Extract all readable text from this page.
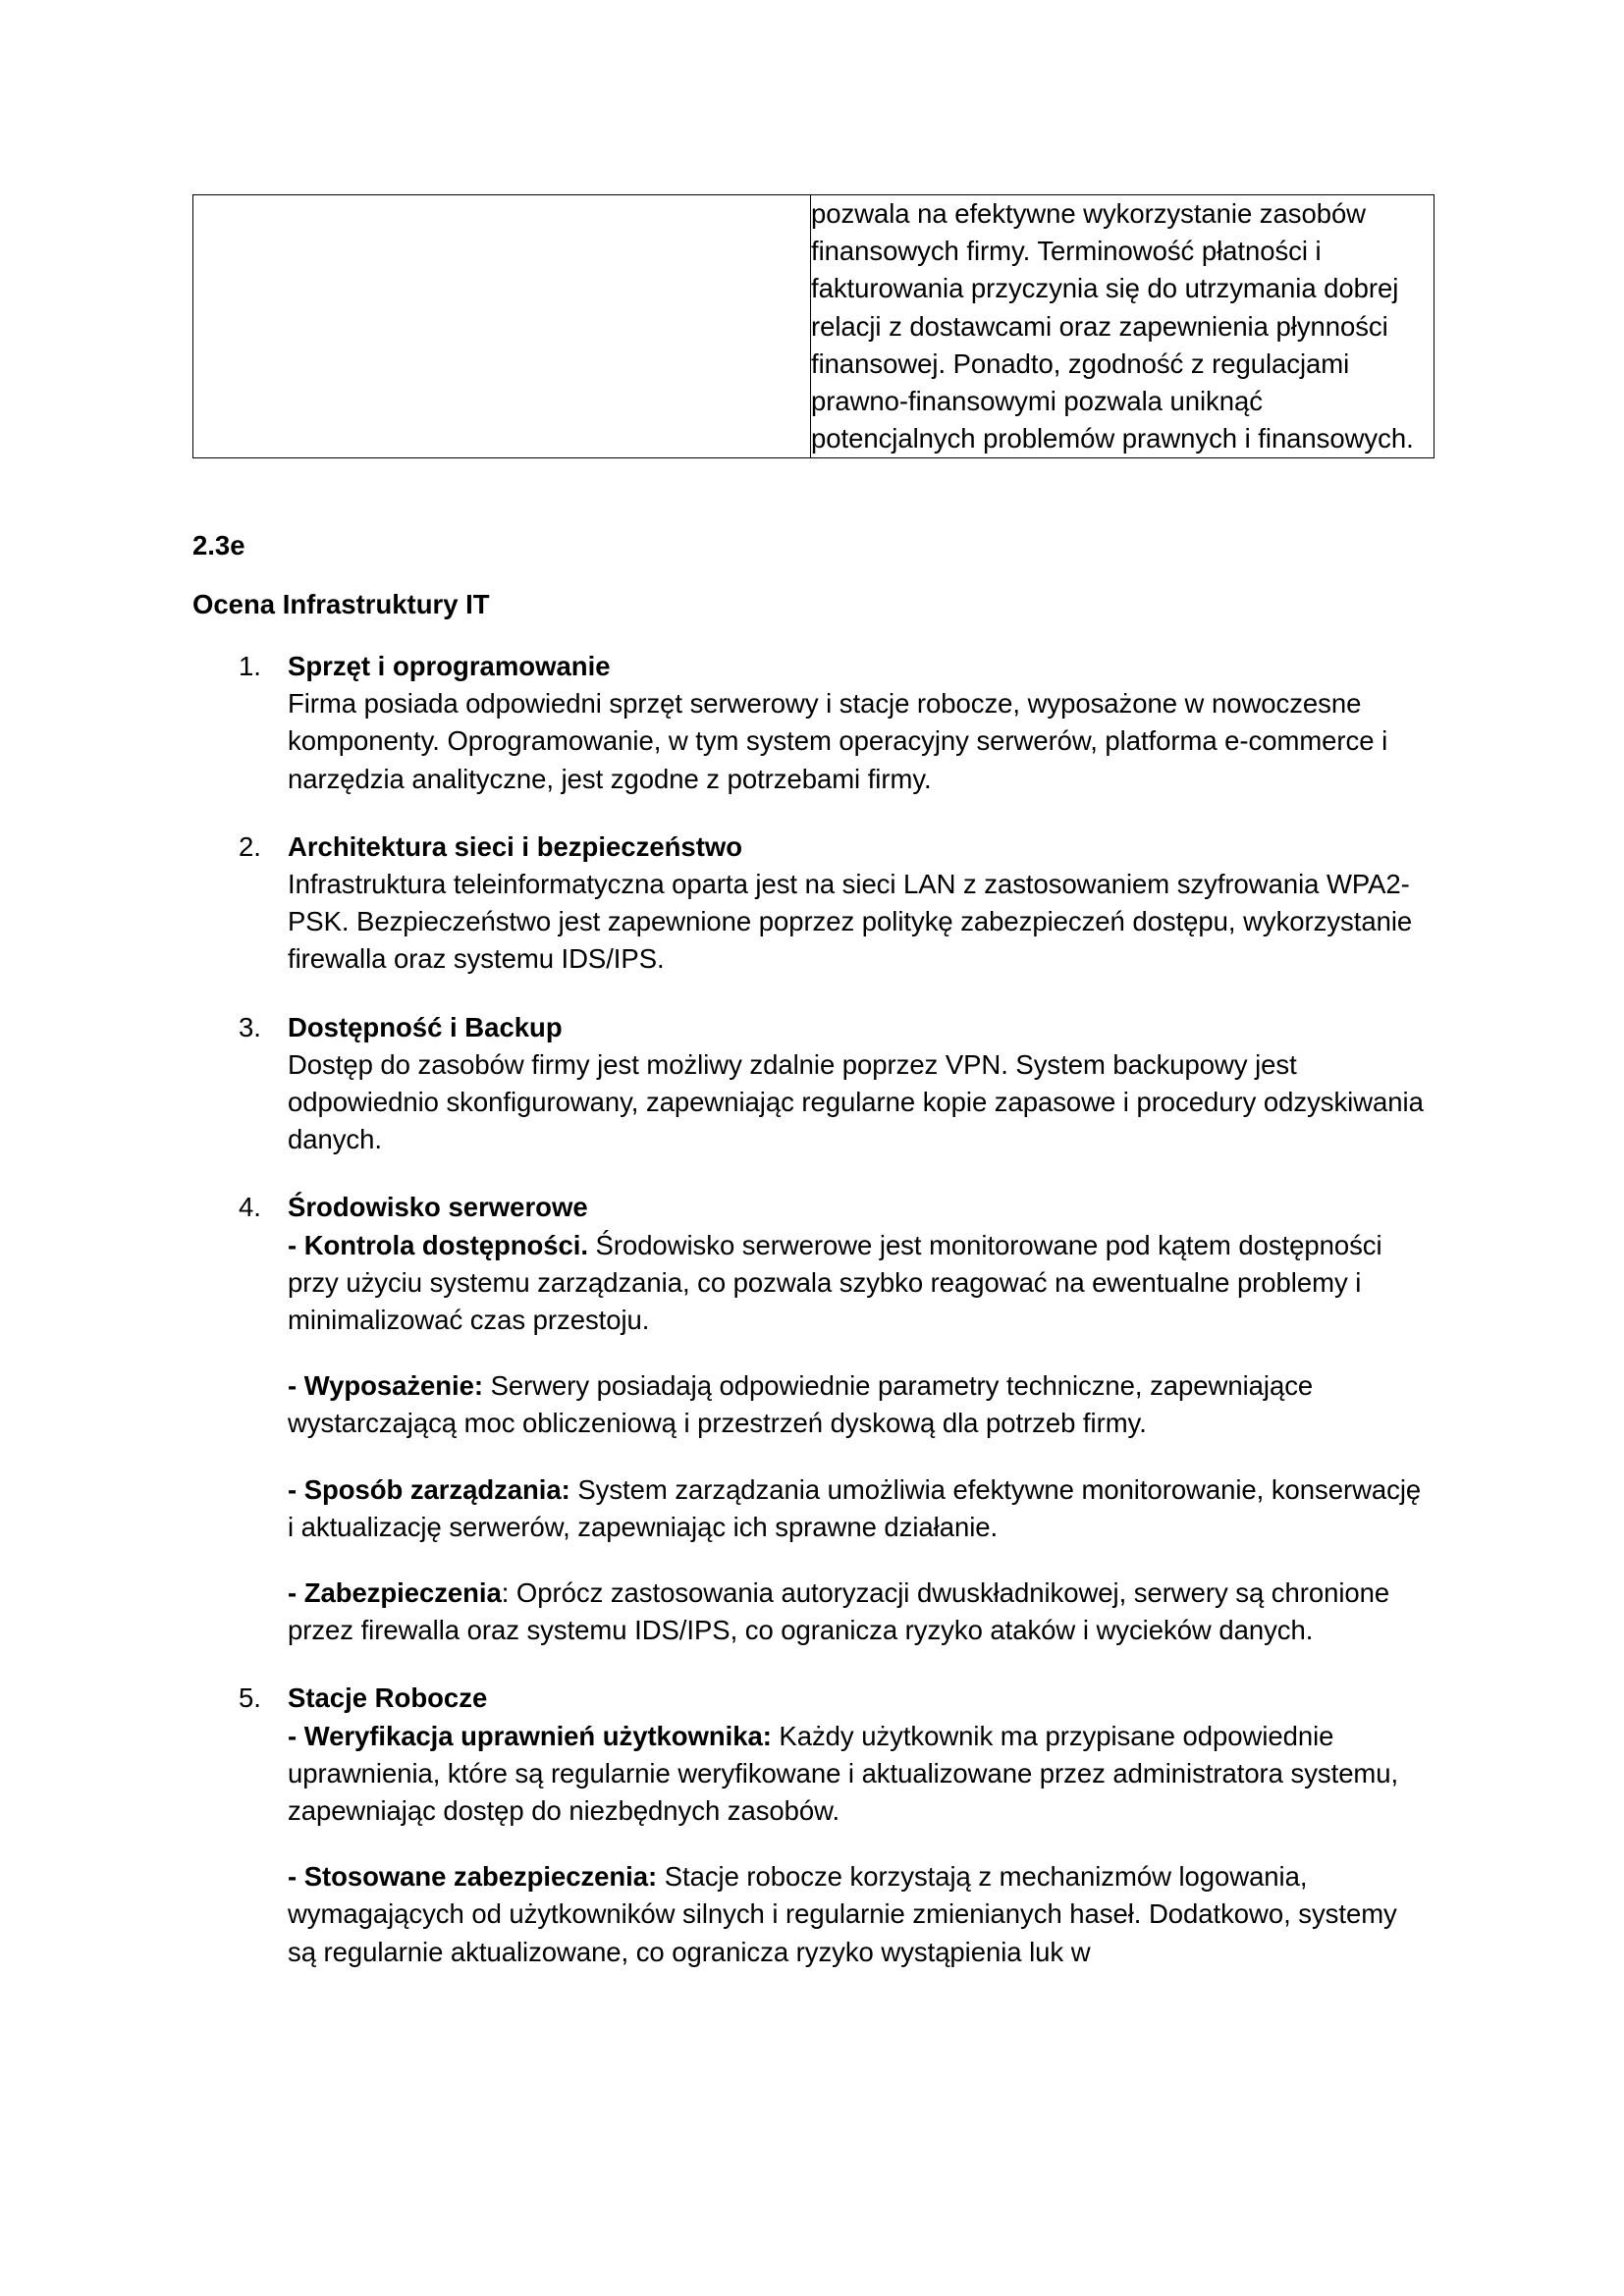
pozwala na efektywne wykorzystanie zasobów finansowych firmy. Terminowość płatności i fakturowania przyczynia się do utrzymania dobrej relacji z dostawcami oraz zapewnienia płynności finansowej. Ponadto, zgodność z regulacjami prawno-finansowymi pozwala uniknąć potencjalnych problemów prawnych i finansowych.
2.3e
Ocena Infrastruktury IT
1. Sprzęt i oprogramowanie
Firma posiada odpowiedni sprzęt serwerowy i stacje robocze, wyposażone w nowoczesne komponenty. Oprogramowanie, w tym system operacyjny serwerów, platforma e-commerce i narzędzia analityczne, jest zgodne z potrzebami firmy.
2. Architektura sieci i bezpieczeństwo
Infrastruktura teleinformatyczna oparta jest na sieci LAN z zastosowaniem szyfrowania WPA2-PSK. Bezpieczeństwo jest zapewnione poprzez politykę zabezpieczeń dostępu, wykorzystanie firewalla oraz systemu IDS/IPS.
3. Dostępność i Backup
Dostęp do zasobów firmy jest możliwy zdalnie poprzez VPN. System backupowy jest odpowiednio skonfigurowany, zapewniając regularne kopie zapasowe i procedury odzyskiwania danych.
4. Środowisko serwerowe
- Kontrola dostępności. Środowisko serwerowe jest monitorowane pod kątem dostępności przy użyciu systemu zarządzania, co pozwala szybko reagować na ewentualne problemy i minimalizować czas przestoju.
- Wyposażenie: Serwery posiadają odpowiednie parametry techniczne, zapewniające wystarczającą moc obliczeniową i przestrzeń dyskową dla potrzeb firmy.
- Sposób zarządzania: System zarządzania umożliwia efektywne monitorowanie, konserwację i aktualizację serwerów, zapewniając ich sprawne działanie.
- Zabezpieczenia: Oprócz zastosowania autoryzacji dwuskładnikowej, serwery są chronione przez firewalla oraz systemu IDS/IPS, co ogranicza ryzyko ataków i wycieków danych.
5. Stacje Robocze
- Weryfikacja uprawnień użytkownika: Każdy użytkownik ma przypisane odpowiednie uprawnienia, które są regularnie weryfikowane i aktualizowane przez administratora systemu, zapewniając dostęp do niezbędnych zasobów.
- Stosowane zabezpieczenia: Stacje robocze korzystają z mechanizmów logowania, wymagających od użytkowników silnych i regularnie zmienianych haseł. Dodatkowo, systemy są regularnie aktualizowane, co ogranicza ryzyko wystąpienia luk w
